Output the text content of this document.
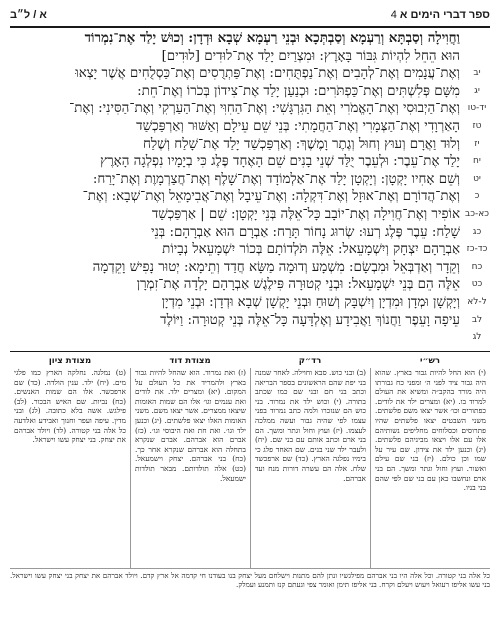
א / ל״ב	ספר דברי הימים א 4
וַחֲוִילָה וְסַבְתָּא וְרַעְמָא וְסַבְתְּכָא וּבְנֵי רַעְמָא שְׁבָא וּדְדָן: וְכוּשׁ יָלַד אֶת־נִמְרוֹד
הוּא הֵחֵל לִהְיוֹת גִּבּוֹר בָּאָרֶץ: וּמִצְרַיִם יָלַד אֶת־לוּדִים [לוּדִים]
יב
וְאֶת־עֲנָמִים וְאֶת־לְהָבִים וְאֶת־נַפְתֻּחִים: וְאֶת־פַּתְרֻסִים וְאֶת־כַּסְלֻחִים אֲשֶׁר יָצְאוּ
יג
מִשָּׁם פְּלִשְׁתִּים וְאֶת־כַּפְתֹּרִים: וּכְנַעַן יָלַד אֶת־צִידוֹן בְּכֹרוֹ וְאֶת־חֵת:
יד-טו
וְאֶת־הַיְבוּסִי וְאֶת־הָאֱמֹרִי וְאֵת הַגִּרְגָּשִׁי: וְאֶת־הַחִוִּי וְאֶת־הַעַרְקִי וְאֶת־הַסִּינִי: וְאֶת־
טז
הָאַרְוָדִי וְאֶת־הַצְּמָרִי וְאֶת־הַחֲמָתִי: בְּנֵי שֵׁם עֵילָם וְאַשּׁוּר וְאַרְפַּכְשַׁד
יז
וְלוּד וַאֲרָם וְעוּץ וְחוּל וְגֶתֶר וָמֶשֶׁךְ: וְאַרְפַּכְשַׁד יָלַד אֶת־שָׁלַח וְשֶׁלַח
יח
יָלַד אֶת־עֵבֶר: וּלְעֵבֶר יֻלַּד שְׁנֵי בָנִים שֵׁם הָאֶחָד פֶּלֶג כִּי בְיָמָיו נִפְלְגָה הָאָרֶץ
יט
וְשֵׁם אָחִיו יָקְטָן: וְיָקְטָן יָלַד אֶת־אַלְמוֹדָד וְאֶת־שָׁלֶף וְאֶת־חֲצַרְמָוֶת וְאֶת־יָרַח:
כ
וְאֶת־הֲדוֹרָם וְאֶת־אוּזָל וְאֶת־דִּקְלָה: וְאֶת־עֵיבָל וְאֶת־אֲבִימָאֵל וְאֶת־שְׁבָא: וְאֶת־
כא-כב
אוֹפִיר וְאֶת־חֲוִילָה וְאֶת־יוֹבָב כָּל־אֵלֶּה בְּנֵי יָקְטָן: שֵׁם | אַרְפַּכְשַׁד
כג
שָׁלַח: עֵבֶר פֶּלֶג רְעוּ: שְׂרוּג נָחוֹר תָּרַח: אַבְרָם הוּא אַבְרָהָם: בְּנֵי
כד-כז
אַבְרָהָם יִצְחָק וְיִשְׁמָעֵאל: אֵלֶּה תֹּלְדוֹתָם בְּכוֹר יִשְׁמָעֵאל נְבָיוֹת
כח
וְקֵדָר וְאַדְבְּאֵל וּמִבְשָׂם: מִשְׁמָע וְדוּמָה מַשָּׂא חֲדַד וְתֵימָא: יְטוּר נָפִישׁ וָקֵדְמָה
כט
אֵלֶּה הֵם בְּנֵי יִשְׁמָעֵאל: וּבְנֵי קְטוּרָה פִּילֶגֶשׁ אַבְרָהָם יָלְדָה אֶת־זִמְרָן
ל-לא
וְיָקְשָׁן וּמְדָן וּמִדְיָן וְיִשְׁבָּק וְשׁוּחַ וּבְנֵי יָקְשָׁן שְׁבָא וּדְדָן: וּבְנֵי מִדְיָן
לב
עֵיפָה וָעֵפֶר וַחֲנוֹךְ וַאֲבִידָע וְאֶלְדָּעָה כָּל־אֵלֶּה בְּנֵי קְטוּרָה: וַיּוֹלֶד
לג
רש״י
רד״ק
מצודת דוד
מצודת ציון
(י) הוא החל להיות גבור בארץ. שהוא היה גבור ציד לפני ה׳ ומפני כח גבורתו היה מורד בהקב״ה ומשיא את העולם למרוד בו. (יא) ומצרים ילד את לודים. כפתורים וכו׳ אשר יצאו משם פלשתים. משני השבטים יצאו פלשתים שהיו פתרוסים וכסלוחים מחליפים נשותיהם אלו עם אלו ויצאו מביניהם פלשתים. (יג) וכנען ילד את צידון. שם עיר על שמו וכן כולם. (יז) בני שם עילם ואשור. ועוץ וחול וגתר ומשך. הם בני ארם ונחשבו כאן עם בני שם לפי שהם בני בניו.
(ב) ובני כוש. סבא וחוילה. לאחר שמנה בני יפת שהם הראשונים בספר הבריאה וכתב בני חם ובני שם כמו שכתב בתורה. (י) וכוש ילד את נמרוד. בני כוש הם שנזכרו ולמה כתב נמרוד בפני עצמו לפי שהיה גבור ועשה ממלכה לעצמו. (יז) ועוץ וחול וגתר ומשך. הם בני ארם וכתב אותם עם בני שם. (יח) ולעבר ילד שני בנים. שם האחד פלג כי בימיו נפלגה הארץ. (כד) שם ארפכשד שלח. אלה הם עשרה דורות מנח ועד אברהם.
(ז) ואת נמרוד. הוא שהחל להיות גבור בארץ ולהמריד את כל העולם על המקום. (יא) ומצרים ילד. את לודים ואת ענמים וגו׳ אלו הם שמות האומות שיצאו ממצרים. אשר יצאו משם. משני האומות האלו יצאו פלשתים. (יג) וכנען ילד וגו׳. ואת חת ואת היבוסי וגו׳. (כז) אברם הוא אברהם. אברם שנקרא בתחלה הוא אברהם שנקרא אחר כך. (כח) בני אברהם. יצחק וישמעאל. (כט) אלה תולדותם. מבאר תולדות ישמעאל.
(ט) נמלגה. נחלקה הארץ כמו פלגי מים. (יח) ילד. ענין הולדה. (כד) שם ארפכשד. אלו הם שמות האנשים. (כח) נביות. שם האיש הבכור. (לב) פילגש. אשה בלא כתובה. (לג) ובני מדין. עיפה ועפר וחנוך ואבידע ואלדעה כל אלה בני קטורה. (לד) ויולד אברהם את יצחק. בני יצחק עשו וישראל.
כל אלה בני קטורה. וכל אלה היו בני אברהם מפילגשיו ונתן להם מתנות וישלחם מעל יצחק בנו בעודנו חי קדמה אל ארץ קדם. ויולד אברהם את יצחק בני יצחק עשו וישראל. בני עשו אליפז רעואל ויעוש ויעלם וקרח. בני אליפז תימן ואומר צפי וגעתם קנז ותמנע ועמלק.
